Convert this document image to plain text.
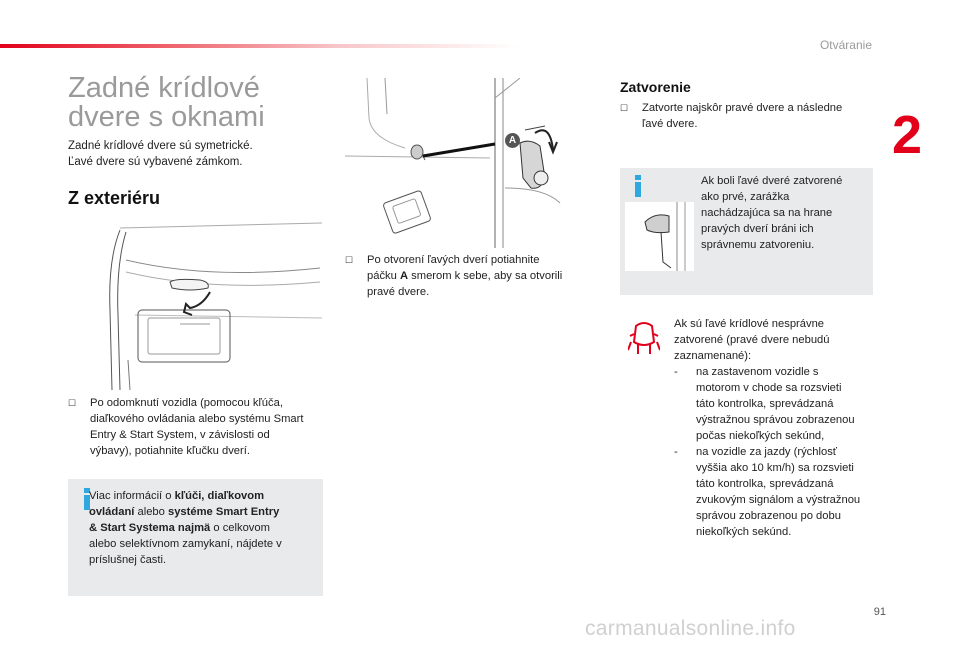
Otváranie
2
Zadné krídlové
dvere s oknami
Zadné krídlové dvere sú symetrické.
Ľavé dvere sú vybavené zámkom.
Z exteriéru
☐ Po odomknutí vozidla (pomocou kľúča,
diaľkového ovládania alebo systému Smart
Entry & Start System, v závislosti od
výbavy), potiahnite kľučku dverí.
Viac informácií o kľúči, diaľkovom
ovládaní alebo systéme Smart Entry
& Start Systema najmä o celkovom
alebo selektívnom zamykaní, nájdete v
príslušnej časti.
A
☐ Po otvorení ľavých dverí potiahnite
páčku A smerom k sebe, aby sa otvorili
pravé dvere.
Zatvorenie
☐ Zatvorte najskôr pravé dvere a následne
ľavé dvere.
Ak boli ľavé dveré zatvorené
ako prvé, zarážka
nachádzajúca sa na hrane
pravých dverí bráni ich
správnemu zatvoreniu.
Ak sú ľavé krídlové nesprávne
zatvorené (pravé dvere nebudú
zaznamenané):
- na zastavenom vozidle s
motorom v chode sa rozsvieti
táto kontrolka, sprevádzaná
výstražnou správou zobrazenou
počas niekoľkých sekúnd,
- na vozidle za jazdy (rýchlosť
vyššia ako 10 km/h) sa rozsvieti
táto kontrolka, sprevádzaná
zvukovým signálom a výstražnou
správou zobrazenou po dobu
niekoľkých sekúnd.
91
carmanualsonline.info
